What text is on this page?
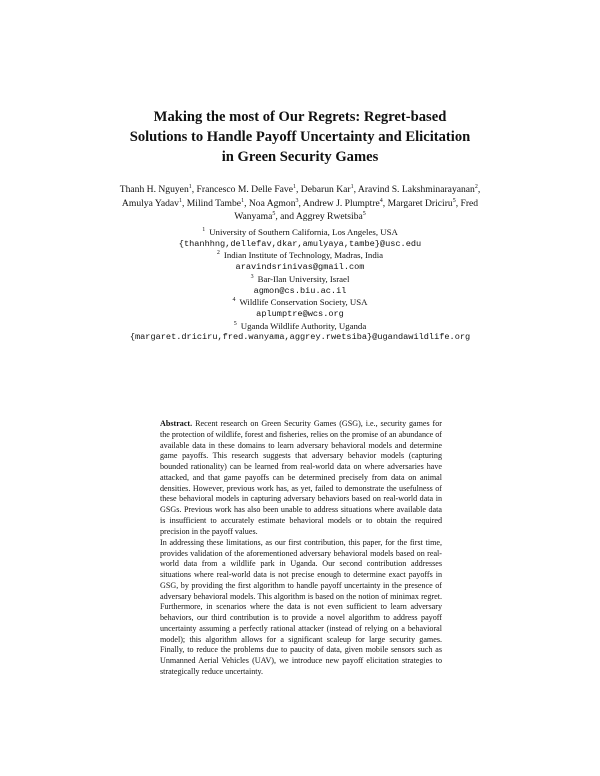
Making the most of Our Regrets: Regret-based
Solutions to Handle Payoff Uncertainty and Elicitation
in Green Security Games

Thanh H. Nguyen$^1$, Francesco M. Delle Fave$^1$, Debarun Kar$^1$, Aravind S. Lakshminarayanan$^2$, Amulya Yadav$^1$, Milind Tambe$^1$, Noa Agmon$^3$, Andrew J. Plumptre$^4$, Margaret Driciru$^5$, Fred Wanyama$^5$, and Aggrey Rwetsiba$^5$

$^1$ University of Southern California, Los Angeles, USA
{thanhhng,dellefav,dkar,amulyaya,tambe}@usc.edu
$^2$ Indian Institute of Technology, Madras, India
aravindsrinivas@gmail.com
$^3$ Bar-Ilan University, Israel
agmon@cs.biu.ac.il
$^4$ Wildlife Conservation Society, USA
aplumptre@wcs.org
$^5$ Uganda Wildlife Authority, Uganda
{margaret.driciru,fred.wanyama,aggrey.rwetsiba}@ugandawildlife.org

Abstract. Recent research on Green Security Games (GSG), i.e., security games for the protection of wildlife, forest and fisheries, relies on the promise of an abundance of available data in these domains to learn adversary behavioral models and determine game payoffs. This research suggests that adversary behavior models (capturing bounded rationality) can be learned from real-world data on where adversaries have attacked, and that game payoffs can be determined precisely from data on animal densities. However, previous work has, as yet, failed to demonstrate the usefulness of these behavioral models in capturing adversary behaviors based on real-world data in GSGs. Previous work has also been unable to address situations where available data is insufficient to accurately estimate behavioral models or to obtain the required precision in the payoff values.

In addressing these limitations, as our first contribution, this paper, for the first time, provides validation of the aforementioned adversary behavioral models based on real-world data from a wildlife park in Uganda. Our second contribution addresses situations where real-world data is not precise enough to determine exact payoffs in GSG, by providing the first algorithm to handle payoff uncertainty in the presence of adversary behavioral models. This algorithm is based on the notion of minimax regret. Furthermore, in scenarios where the data is not even sufficient to learn adversary behaviors, our third contribution is to provide a novel algorithm to address payoff uncertainty assuming a perfectly rational attacker (instead of relying on a behavioral model); this algorithm allows for a significant scaleup for large security games. Finally, to reduce the problems due to paucity of data, given mobile sensors such as Unmanned Aerial Vehicles (UAV), we introduce new payoff elicitation strategies to strategically reduce uncertainty.
